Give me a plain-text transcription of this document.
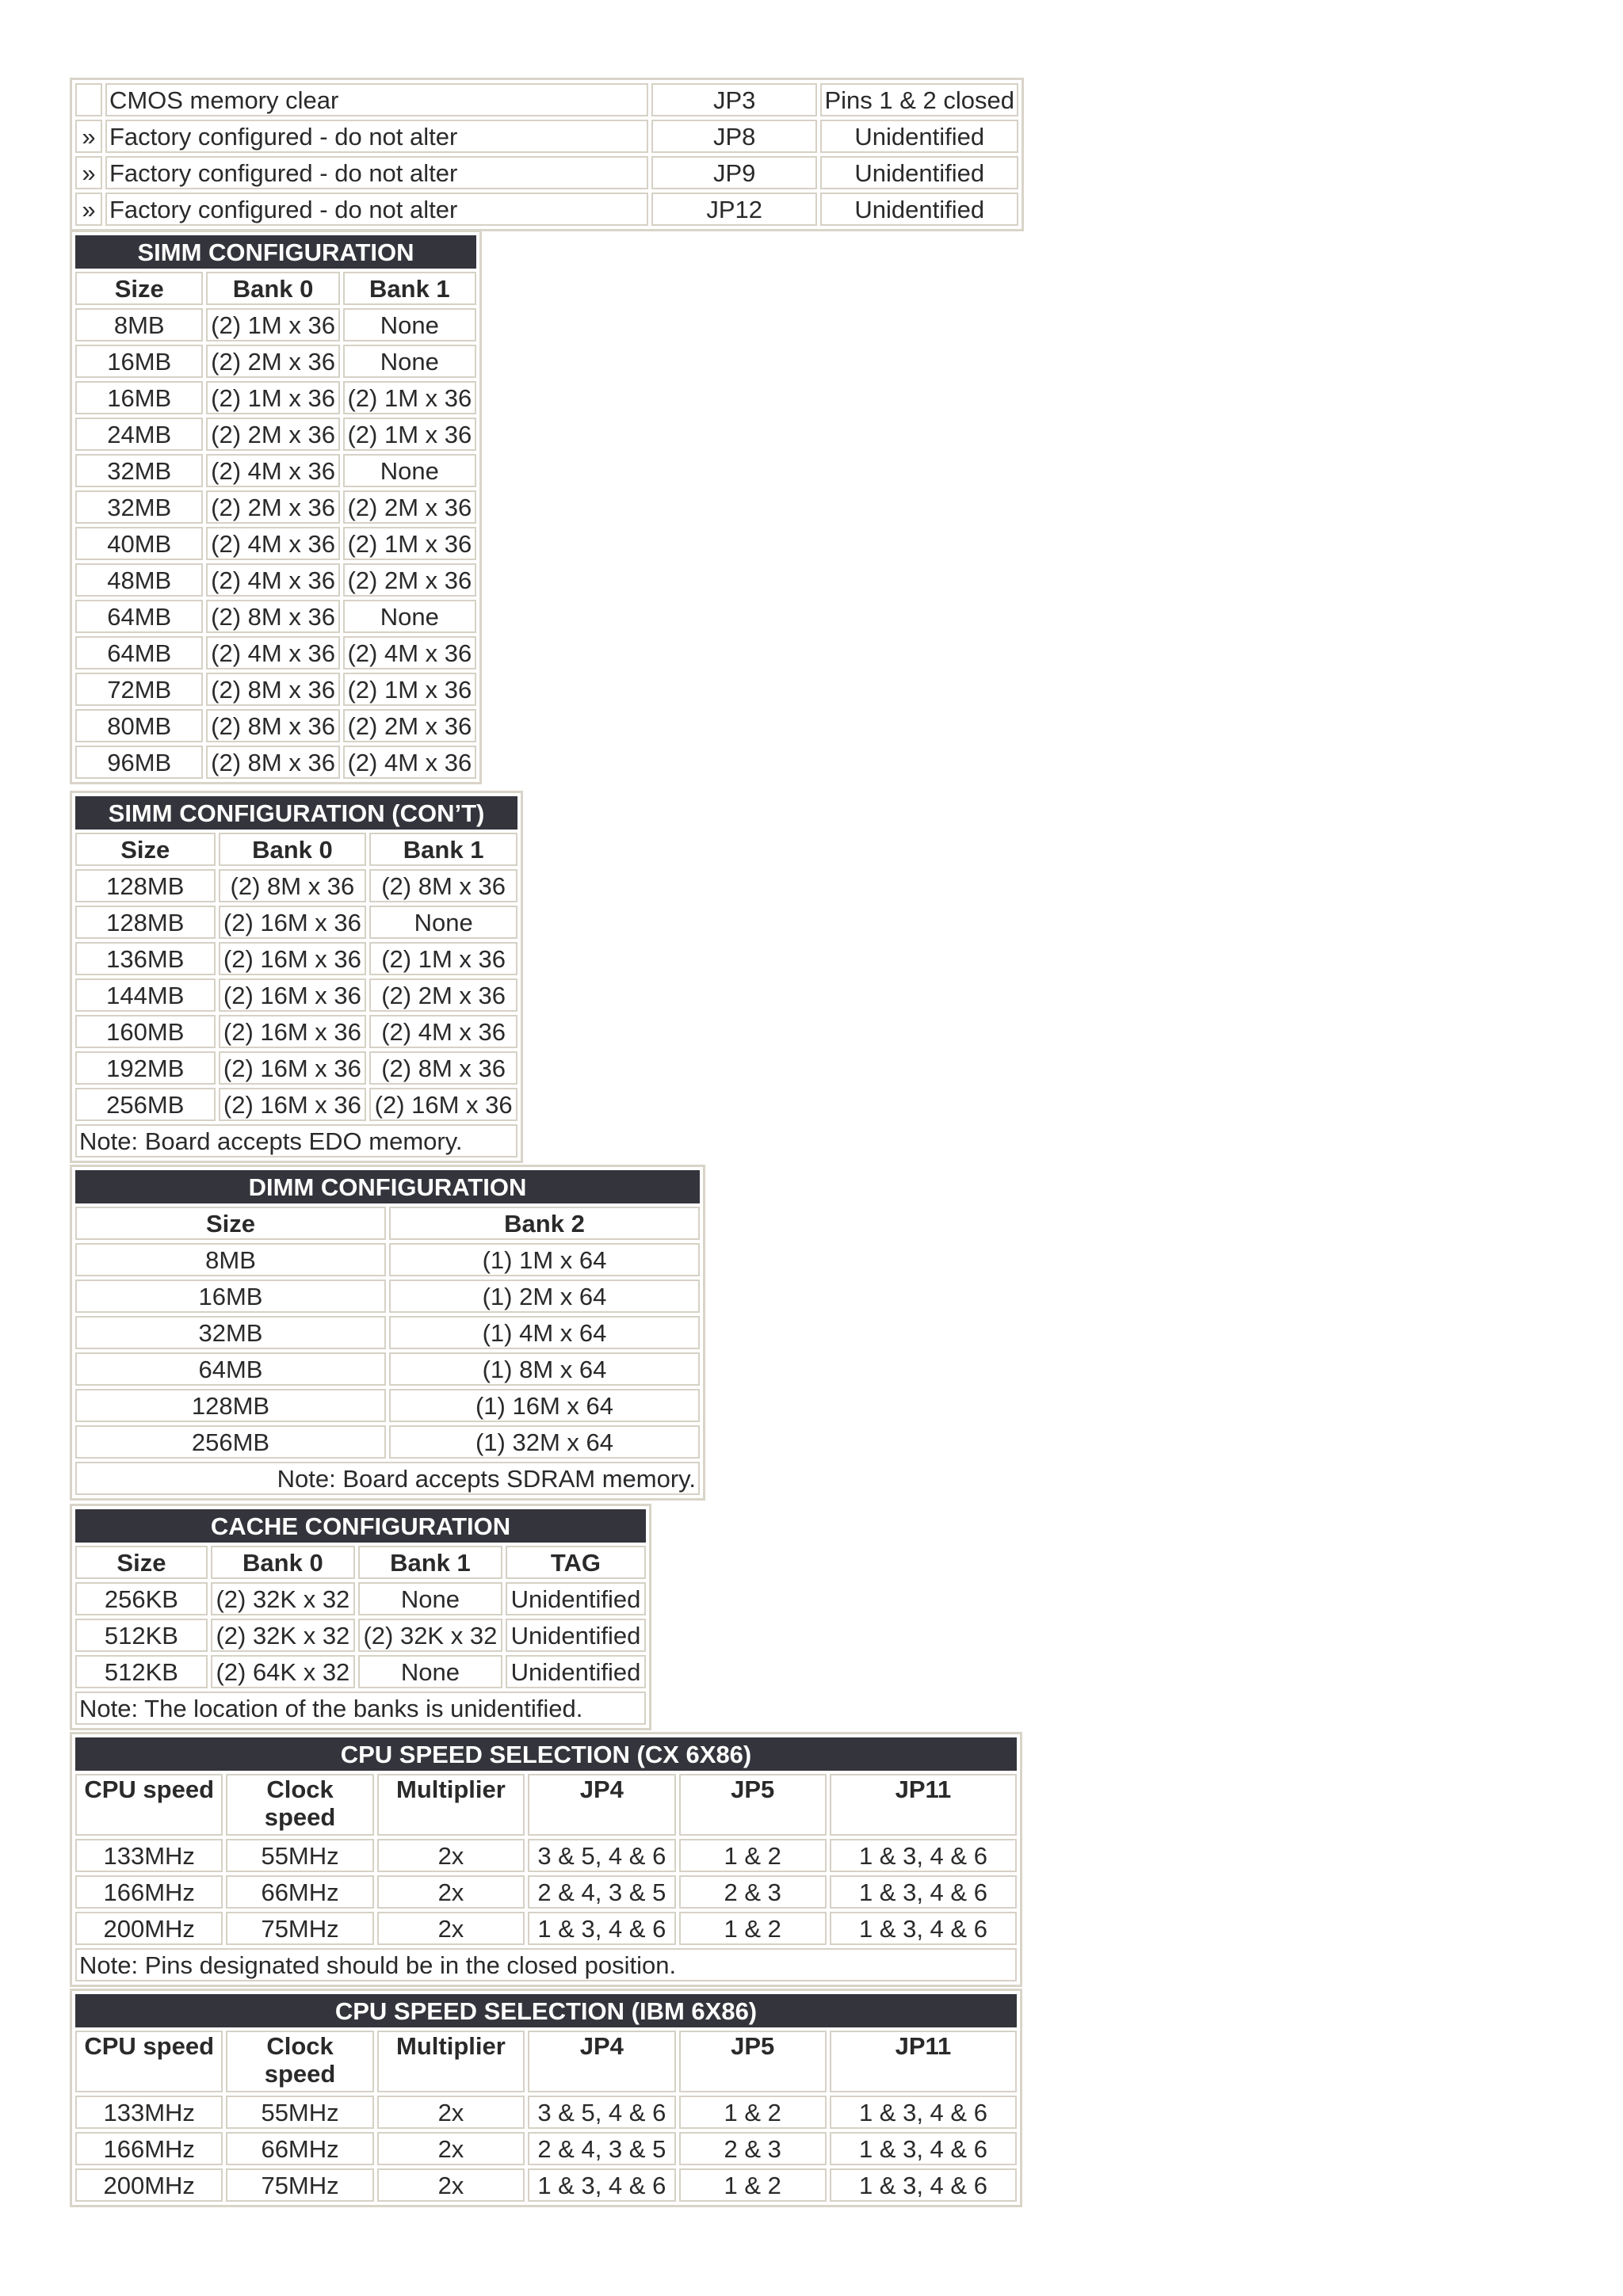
	CMOS memory clear	JP3	Pins 1 & 2 closed
»	Factory configured - do not alter	JP8	Unidentified
»	Factory configured - do not alter	JP9	Unidentified
»	Factory configured - do not alter	JP12	Unidentified
SIMM CONFIGURATION		
Size	Bank 0	Bank 1
8MB	(2) 1M x 36	None
16MB	(2) 2M x 36	None
16MB	(2) 1M x 36	(2) 1M x 36
24MB	(2) 2M x 36	(2) 1M x 36
32MB	(2) 4M x 36	None
32MB	(2) 2M x 36	(2) 2M x 36
40MB	(2) 4M x 36	(2) 1M x 36
48MB	(2) 4M x 36	(2) 2M x 36
64MB	(2) 8M x 36	None
64MB	(2) 4M x 36	(2) 4M x 36
72MB	(2) 8M x 36	(2) 1M x 36
80MB	(2) 8M x 36	(2) 2M x 36
96MB	(2) 8M x 36	(2) 4M x 36
SIMM CONFIGURATION (CON’T)		
Size	Bank 0	Bank 1
128MB	(2) 8M x 36	(2) 8M x 36
128MB	(2) 16M x 36	None
136MB	(2) 16M x 36	(2) 1M x 36
144MB	(2) 16M x 36	(2) 2M x 36
160MB	(2) 16M x 36	(2) 4M x 36
192MB	(2) 16M x 36	(2) 8M x 36
256MB	(2) 16M x 36	(2) 16M x 36
Note: Board accepts EDO memory.		
DIMM CONFIGURATION	
Size	Bank 2
8MB	(1) 1M x 64
16MB	(1) 2M x 64
32MB	(1) 4M x 64
64MB	(1) 8M x 64
128MB	(1) 16M x 64
256MB	(1) 32M x 64
Note: Board accepts SDRAM memory.	
CACHE CONFIGURATION			
Size	Bank 0	Bank 1	TAG
256KB	(2) 32K x 32	None	Unidentified
512KB	(2) 32K x 32	(2) 32K x 32	Unidentified
512KB	(2) 64K x 32	None	Unidentified
Note: The location of the banks is unidentified.			
CPU SPEED SELECTION (CX 6X86)					
CPU speed	Clock speed	Multiplier	JP4	JP5	JP11
133MHz	55MHz	2x	3 & 5, 4 & 6	1 & 2	1 & 3, 4 & 6
166MHz	66MHz	2x	2 & 4, 3 & 5	2 & 3	1 & 3, 4 & 6
200MHz	75MHz	2x	1 & 3, 4 & 6	1 & 2	1 & 3, 4 & 6
Note: Pins designated should be in the closed position.					
CPU SPEED SELECTION (IBM 6X86)					
CPU speed	Clock speed	Multiplier	JP4	JP5	JP11
133MHz	55MHz	2x	3 & 5, 4 & 6	1 & 2	1 & 3, 4 & 6
166MHz	66MHz	2x	2 & 4, 3 & 5	2 & 3	1 & 3, 4 & 6
200MHz	75MHz	2x	1 & 3, 4 & 6	1 & 2	1 & 3, 4 & 6
